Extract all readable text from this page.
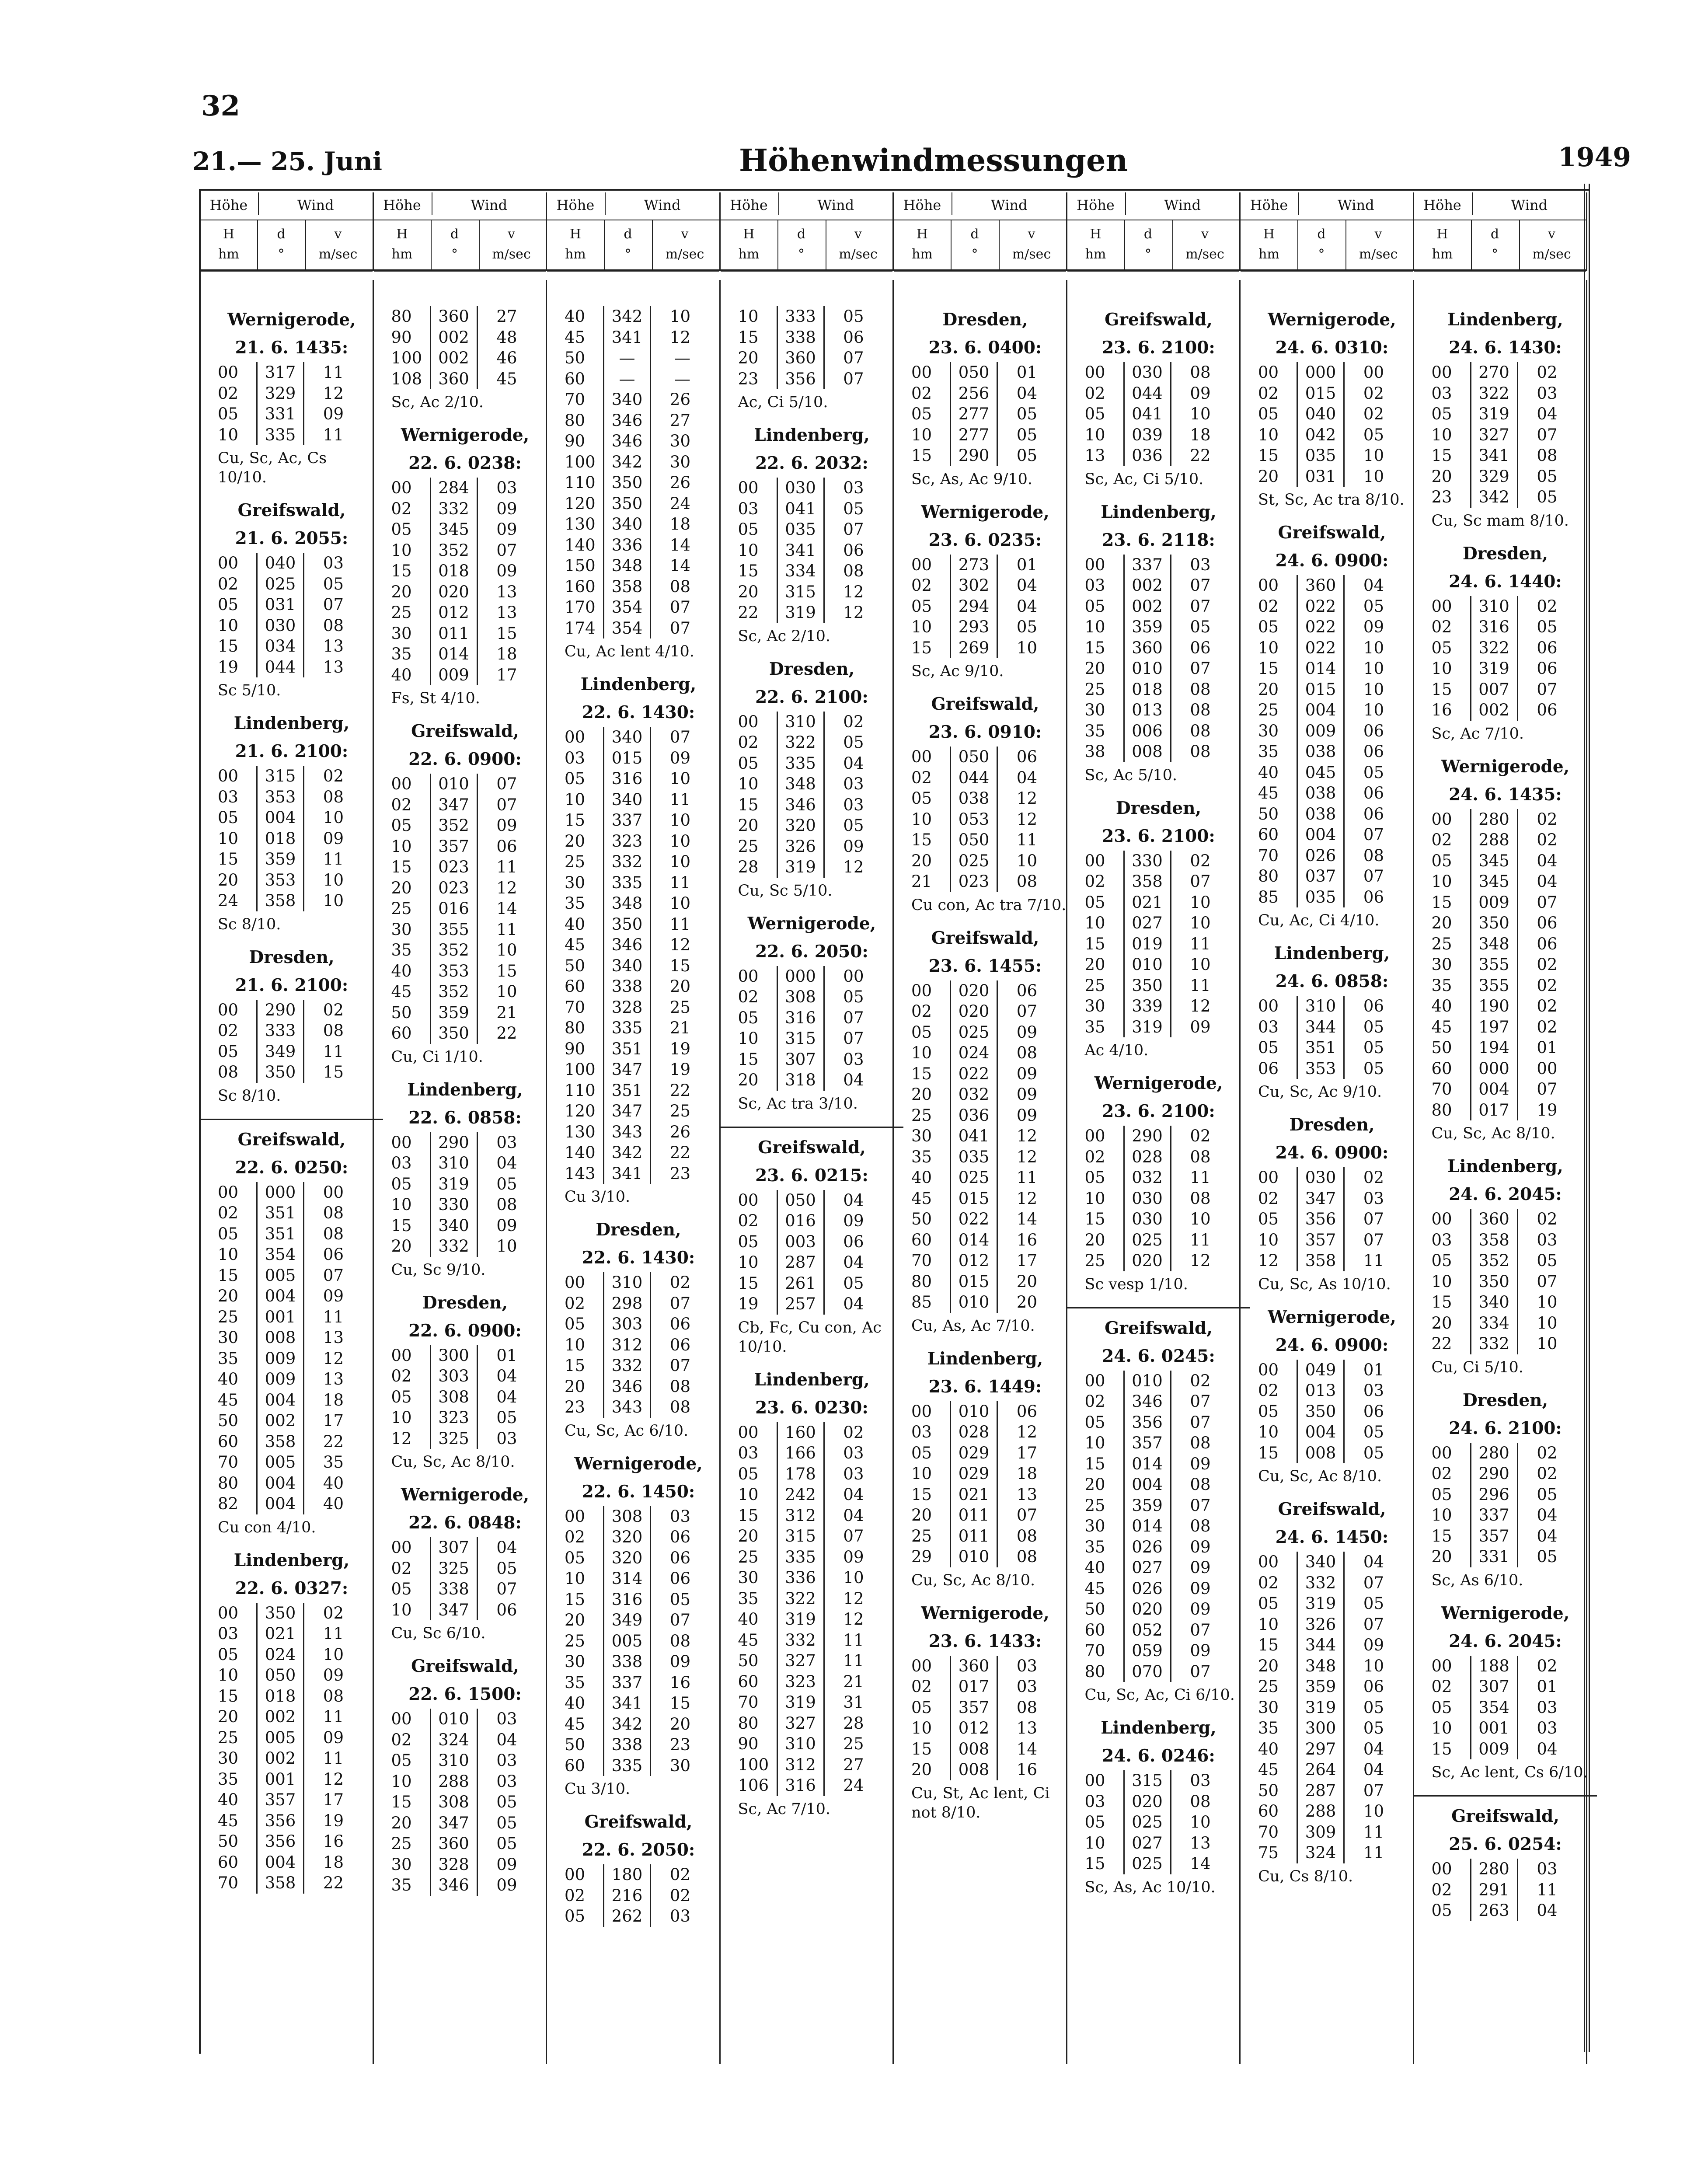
32
21.— 25. Juni	Höhenwindmessungen	1949
Höhe	Wind
H	d	v
hm	°	m/sec
Höhe	Wind
H	d	v
hm	°	m/sec
Höhe	Wind
H	d	v
hm	°	m/sec
Höhe	Wind
H	d	v
hm	°	m/sec
Höhe	Wind
H	d	v
hm	°	m/sec
Höhe	Wind
H	d	v
hm	°	m/sec
Höhe	Wind
H	d	v
hm	°	m/sec
Höhe	Wind
H	d	v
hm	°	m/sec
Wernigerode,
21. 6. 1435:
00	317	11
02	329	12
05	331	09
10	335	11
Cu, Sc, Ac, Cs 10/10.
Greifswald,
21. 6. 2055:
00	040	03
02	025	05
05	031	07
10	030	08
15	034	13
19	044	13
Sc 5/10.
Lindenberg,
21. 6. 2100:
00	315	02
03	353	08
05	004	10
10	018	09
15	359	11
20	353	10
24	358	10
Sc 8/10.
Dresden,
21. 6. 2100:
00	290	02
02	333	08
05	349	11
08	350	15
Sc 8/10.
Greifswald,
22. 6. 0250:
00	000	00
02	351	08
05	351	08
10	354	06
15	005	07
20	004	09
25	001	11
30	008	13
35	009	12
40	009	13
45	004	18
50	002	17
60	358	22
70	005	35
80	004	40
82	004	40
Cu con 4/10.
Lindenberg,
22. 6. 0327:
00	350	02
03	021	11
05	024	10
10	050	09
15	018	08
20	002	11
25	005	09
30	002	11
35	001	12
40	357	17
45	356	19
50	356	16
60	004	18
70	358	22
80	360	27
90	002	48
100	002	46
108	360	45
Sc, Ac 2/10.
Wernigerode,
22. 6. 0238:
00	284	03
02	332	09
05	345	09
10	352	07
15	018	09
20	020	13
25	012	13
30	011	15
35	014	18
40	009	17
Fs, St 4/10.
Greifswald,
22. 6. 0900:
00	010	07
02	347	07
05	352	09
10	357	06
15	023	11
20	023	12
25	016	14
30	355	11
35	352	10
40	353	15
45	352	10
50	359	21
60	350	22
Cu, Ci 1/10.
Lindenberg,
22. 6. 0858:
00	290	03
03	310	04
05	319	05
10	330	08
15	340	09
20	332	10
Cu, Sc 9/10.
Dresden,
22. 6. 0900:
00	300	01
02	303	04
05	308	04
10	323	05
12	325	03
Cu, Sc, Ac 8/10.
Wernigerode,
22. 6. 0848:
00	307	04
02	325	05
05	338	07
10	347	06
Cu, Sc 6/10.
Greifswald,
22. 6. 1500:
00	010	03
02	324	04
05	310	03
10	288	03
15	308	05
20	347	05
25	360	05
30	328	09
35	346	09
40	342	10
45	341	12
50	—	—
60	—	—
70	340	26
80	346	27
90	346	30
100	342	30
110	350	26
120	350	24
130	340	18
140	336	14
150	348	14
160	358	08
170	354	07
174	354	07
Cu, Ac lent 4/10.
Lindenberg,
22. 6. 1430:
00	340	07
03	015	09
05	316	10
10	340	11
15	337	10
20	323	10
25	332	10
30	335	11
35	348	10
40	350	11
45	346	12
50	340	15
60	338	20
70	328	25
80	335	21
90	351	19
100	347	19
110	351	22
120	347	25
130	343	26
140	342	22
143	341	23
Cu 3/10.
Dresden,
22. 6. 1430:
00	310	02
02	298	07
05	303	06
10	312	06
15	332	07
20	346	08
23	343	08
Cu, Sc, Ac 6/10.
Wernigerode,
22. 6. 1450:
00	308	03
02	320	06
05	320	06
10	314	06
15	316	05
20	349	07
25	005	08
30	338	09
35	337	16
40	341	15
45	342	20
50	338	23
60	335	30
Cu 3/10.
Greifswald,
22. 6. 2050:
00	180	02
02	216	02
05	262	03
10	333	05
15	338	06
20	360	07
23	356	07
Ac, Ci 5/10.
Lindenberg,
22. 6. 2032:
00	030	03
03	041	05
05	035	07
10	341	06
15	334	08
20	315	12
22	319	12
Sc, Ac 2/10.
Dresden,
22. 6. 2100:
00	310	02
02	322	05
05	335	04
10	348	03
15	346	03
20	320	05
25	326	09
28	319	12
Cu, Sc 5/10.
Wernigerode,
22. 6. 2050:
00	000	00
02	308	05
05	316	07
10	315	07
15	307	03
20	318	04
Sc, Ac tra 3/10.
Greifswald,
23. 6. 0215:
00	050	04
02	016	09
05	003	06
10	287	04
15	261	05
19	257	04
Cb, Fc, Cu con, Ac 10/10.
Lindenberg,
23. 6. 0230:
00	160	02
03	166	03
05	178	03
10	242	04
15	312	04
20	315	07
25	335	09
30	336	10
35	322	12
40	319	12
45	332	11
50	327	11
60	323	21
70	319	31
80	327	28
90	310	25
100	312	27
106	316	24
Sc, Ac 7/10.
Dresden,
23. 6. 0400:
00	050	01
02	256	04
05	277	05
10	277	05
15	290	05
Sc, As, Ac 9/10.
Wernigerode,
23. 6. 0235:
00	273	01
02	302	04
05	294	04
10	293	05
15	269	10
Sc, Ac 9/10.
Greifswald,
23. 6. 0910:
00	050	06
02	044	04
05	038	12
10	053	12
15	050	11
20	025	10
21	023	08
Cu con, Ac tra 7/10.
Greifswald,
23. 6. 1455:
00	020	06
02	020	07
05	025	09
10	024	08
15	022	09
20	032	09
25	036	09
30	041	12
35	035	12
40	025	11
45	015	12
50	022	14
60	014	16
70	012	17
80	015	20
85	010	20
Cu, As, Ac 7/10.
Lindenberg,
23. 6. 1449:
00	010	06
03	028	12
05	029	17
10	029	18
15	021	13
20	011	07
25	011	08
29	010	08
Cu, Sc, Ac 8/10.
Wernigerode,
23. 6. 1433:
00	360	03
02	017	03
05	357	08
10	012	13
15	008	14
20	008	16
Cu, St, Ac lent, Ci not 8/10.
Greifswald,
23. 6. 2100:
00	030	08
02	044	09
05	041	10
10	039	18
13	036	22
Sc, Ac, Ci 5/10.
Lindenberg,
23. 6. 2118:
00	337	03
03	002	07
05	002	07
10	359	05
15	360	06
20	010	07
25	018	08
30	013	08
35	006	08
38	008	08
Sc, Ac 5/10.
Dresden,
23. 6. 2100:
00	330	02
02	358	07
05	021	10
10	027	10
15	019	11
20	010	10
25	350	11
30	339	12
35	319	09
Ac 4/10.
Wernigerode,
23. 6. 2100:
00	290	02
02	028	08
05	032	11
10	030	08
15	030	10
20	025	11
25	020	12
Sc vesp 1/10.
Greifswald,
24. 6. 0245:
00	010	02
02	346	07
05	356	07
10	357	08
15	014	09
20	004	08
25	359	07
30	014	08
35	026	09
40	027	09
45	026	09
50	020	09
60	052	07
70	059	09
80	070	07
Cu, Sc, Ac, Ci 6/10.
Lindenberg,
24. 6. 0246:
00	315	03
03	020	08
05	025	10
10	027	13
15	025	14
Sc, As, Ac 10/10.
Wernigerode,
24. 6. 0310:
00	000	00
02	015	02
05	040	02
10	042	05
15	035	10
20	031	10
St, Sc, Ac tra 8/10.
Greifswald,
24. 6. 0900:
00	360	04
02	022	05
05	022	09
10	022	10
15	014	10
20	015	10
25	004	10
30	009	06
35	038	06
40	045	05
45	038	06
50	038	06
60	004	07
70	026	08
80	037	07
85	035	06
Cu, Ac, Ci 4/10.
Lindenberg,
24. 6. 0858:
00	310	06
03	344	05
05	351	05
06	353	05
Cu, Sc, Ac 9/10.
Dresden,
24. 6. 0900:
00	030	02
02	347	03
05	356	07
10	357	07
12	358	11
Cu, Sc, As 10/10.
Wernigerode,
24. 6. 0900:
00	049	01
02	013	03
05	350	06
10	004	05
15	008	05
Cu, Sc, Ac 8/10.
Greifswald,
24. 6. 1450:
00	340	04
02	332	07
05	319	05
10	326	07
15	344	09
20	348	10
25	359	06
30	319	05
35	300	05
40	297	04
45	264	04
50	287	07
60	288	10
70	309	11
75	324	11
Cu, Cs 8/10.
Lindenberg,
24. 6. 1430:
00	270	02
03	322	03
05	319	04
10	327	07
15	341	08
20	329	05
23	342	05
Cu, Sc mam 8/10.
Dresden,
24. 6. 1440:
00	310	02
02	316	05
05	322	06
10	319	06
15	007	07
16	002	06
Sc, Ac 7/10.
Wernigerode,
24. 6. 1435:
00	280	02
02	288	02
05	345	04
10	345	04
15	009	07
20	350	06
25	348	06
30	355	02
35	355	02
40	190	02
45	197	02
50	194	01
60	000	00
70	004	07
80	017	19
Cu, Sc, Ac 8/10.
Lindenberg,
24. 6. 2045:
00	360	02
03	358	03
05	352	05
10	350	07
15	340	10
20	334	10
22	332	10
Cu, Ci 5/10.
Dresden,
24. 6. 2100:
00	280	02
02	290	02
05	296	05
10	337	04
15	357	04
20	331	05
Sc, As 6/10.
Wernigerode,
24. 6. 2045:
00	188	02
02	307	01
05	354	03
10	001	03
15	009	04
Sc, Ac lent, Cs 6/10.
Greifswald,
25. 6. 0254:
00	280	03
02	291	11
05	263	04
